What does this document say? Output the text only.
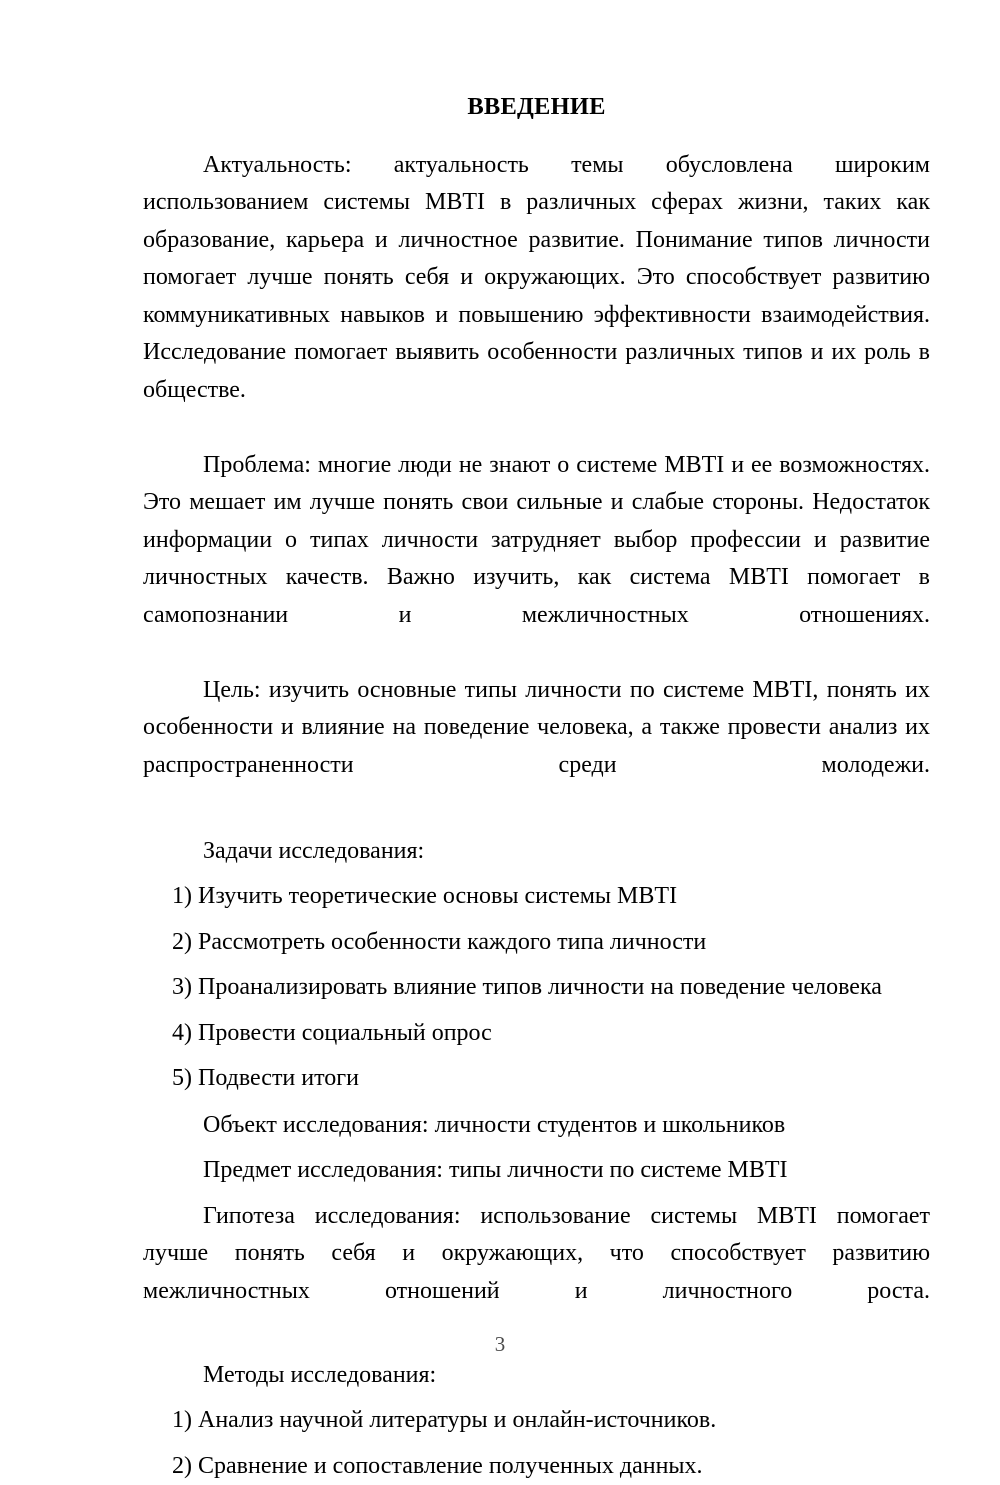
ВВЕДЕНИЕ

Актуальность: актуальность темы обусловлена широким использованием системы MBTI в различных сферах жизни, таких как образование, карьера и личностное развитие. Понимание типов личности помогает лучше понять себя и окружающих. Это способствует развитию коммуникативных навыков и повышению эффективности взаимодействия. Исследование помогает выявить особенности различных типов и их роль в обществе.

Проблема: многие люди не знают о системе MBTI и ее возможностях. Это мешает им лучше понять свои сильные и слабые стороны. Недостаток информации о типах личности затрудняет выбор профессии и развитие личностных качеств. Важно изучить, как система MBTI помогает в самопознании и межличностных отношениях.

Цель: изучить основные типы личности по системе MBTI, понять их особенности и влияние на поведение человека, а также провести анализ их распространенности среди молодежи.

Задачи исследования:

1) Изучить теоретические основы системы MBTI
2) Рассмотреть особенности каждого типа личности
3) Проанализировать влияние типов личности на поведение человека
4) Провести социальный опрос
5) Подвести итоги

Объект исследования: личности студентов и школьников

Предмет исследования: типы личности по системе MBTI

Гипотеза исследования: использование системы MBTI помогает лучше понять себя и окружающих, что способствует развитию межличностных отношений и личностного роста.

Методы исследования:

1) Анализ научной литературы и онлайн-источников.
2) Сравнение и сопоставление полученных данных.
3
